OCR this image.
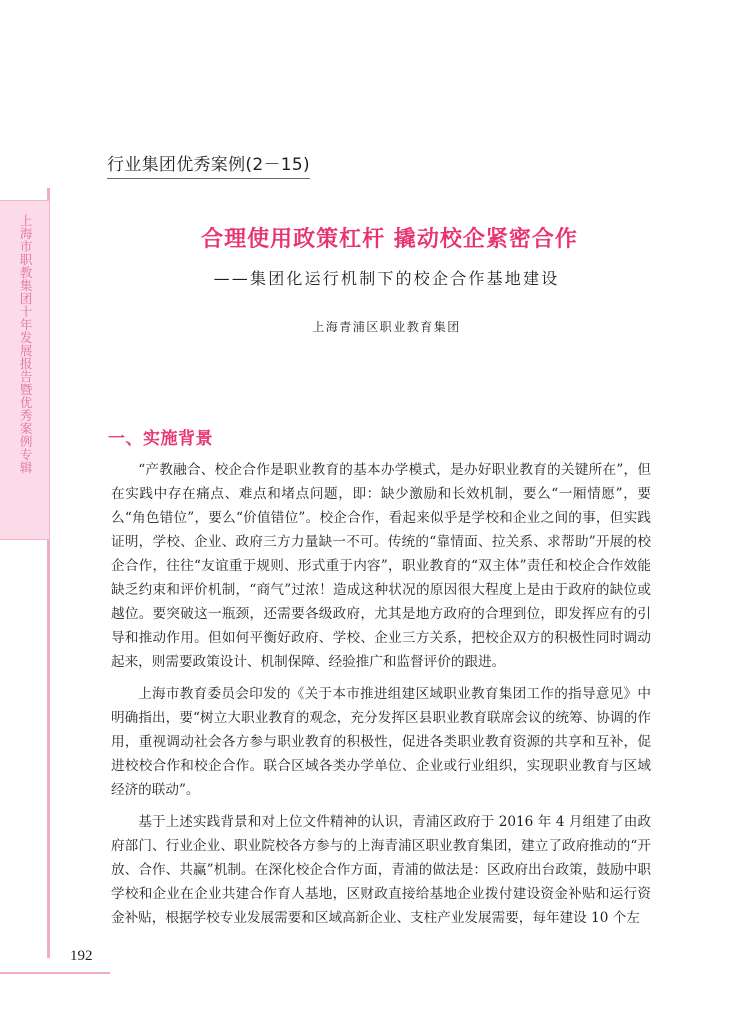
上海市职教集团十年发展报告暨优秀案例专辑
行业集团优秀案例(2－15)
合理使用政策杠杆 撬动校企紧密合作
——集团化运行机制下的校企合作基地建设
上海青浦区职业教育集团
一、实施背景

“产教融合、校企合作是职业教育的基本办学模式，是办好职业教育的关键所在”，但在实践中存在痛点、难点和堵点问题，即：缺少激励和长效机制，要么“一厢情愿”，要么“角色错位”，要么“价值错位”。校企合作，看起来似乎是学校和企业之间的事，但实践证明，学校、企业、政府三方力量缺一不可。传统的“靠情面、拉关系、求帮助”开展的校企合作，往往“友谊重于规则、形式重于内容”，职业教育的“双主体”责任和校企合作效能缺乏约束和评价机制，“商气”过浓！造成这种状况的原因很大程度上是由于政府的缺位或越位。要突破这一瓶颈，还需要各级政府，尤其是地方政府的合理到位，即发挥应有的引导和推动作用。但如何平衡好政府、学校、企业三方关系，把校企双方的积极性同时调动起来，则需要政策设计、机制保障、经验推广和监督评价的跟进。

上海市教育委员会印发的《关于本市推进组建区域职业教育集团工作的指导意见》中明确指出，要“树立大职业教育的观念，充分发挥区县职业教育联席会议的统筹、协调的作用，重视调动社会各方参与职业教育的积极性，促进各类职业教育资源的共享和互补，促进校校合作和校企合作。联合区域各类办学单位、企业或行业组织，实现职业教育与区域经济的联动”。

基于上述实践背景和对上位文件精神的认识，青浦区政府于 2016 年 4 月组建了由政府部门、行业企业、职业院校各方参与的上海青浦区职业教育集团，建立了政府推动的“开放、合作、共赢”机制。在深化校企合作方面，青浦的做法是：区政府出台政策，鼓励中职学校和企业在企业共建合作育人基地，区财政直接给基地企业拨付建设资金补贴和运行资金补贴，根据学校专业发展需要和区域高新企业、支柱产业发展需要，每年建设 10 个左

192
